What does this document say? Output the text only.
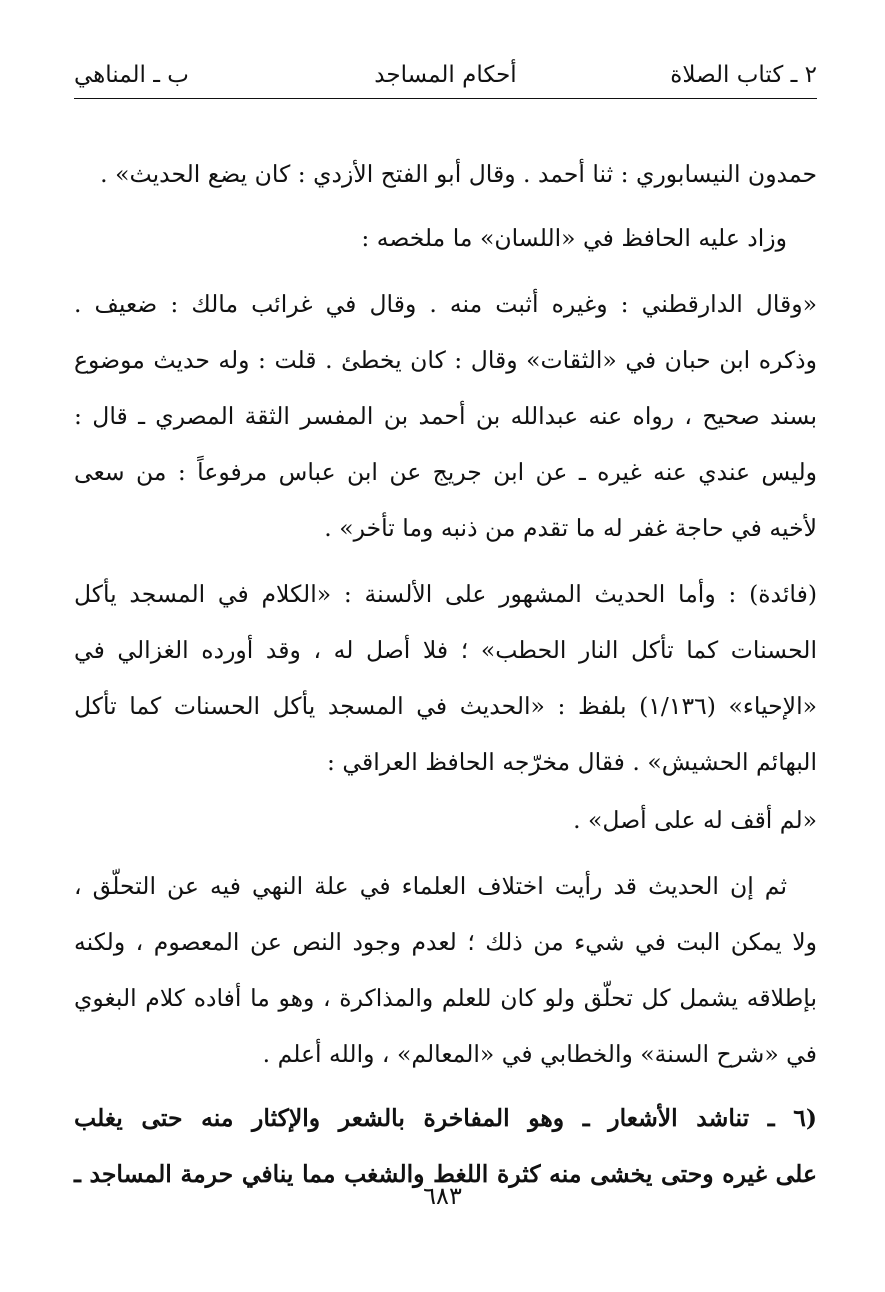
٢ ـ كتاب الصلاة
أحكام المساجد
ب ـ المناهي
حمدون النيسابوري : ثنا أحمد . وقال أبو الفتح الأزدي : كان يضع الحديث» .
وزاد عليه الحافظ في «اللسان» ما ملخصه :
«وقال الدارقطني : وغيره أثبت منه . وقال في غرائب مالك : ضعيف .
وذكره ابن حبان في «الثقات» وقال : كان يخطئ . قلت : وله حديث موضوع
بسند صحيح ، رواه عنه عبدالله بن أحمد بن المفسر الثقة المصري ـ قال :
وليس عندي عنه غيره ـ عن ابن جريج عن ابن عباس مرفوعاً : من سعى
لأخيه في حاجة غفر له ما تقدم من ذنبه وما تأخر» .
(فائدة) : وأما الحديث المشهور على الألسنة : «الكلام في المسجد يأكل
الحسنات كما تأكل النار الحطب» ؛ فلا أصل له ، وقد أورده الغزالي في
«الإحياء» (١/١٣٦) بلفظ : «الحديث في المسجد يأكل الحسنات كما تأكل
البهائم الحشيش» . فقال مخرّجه الحافظ العراقي :
«لم أقف له على أصل» .
ثم إن الحديث قد رأيت اختلاف العلماء في علة النهي فيه عن التحلّق ،
ولا يمكن البت في شيء من ذلك ؛ لعدم وجود النص عن المعصوم ، ولكنه
بإطلاقه يشمل كل تحلّق ولو كان للعلم والمذاكرة ، وهو ما أفاده كلام البغوي
في «شرح السنة» والخطابي في «المعالم» ، والله أعلم .
(٦ ـ تناشد الأشعار ـ وهو المفاخرة بالشعر والإكثار منه حتى يغلب
على غيره وحتى يخشى منه كثرة اللغط والشغب مما ينافي حرمة المساجد ـ
٦٨٣
